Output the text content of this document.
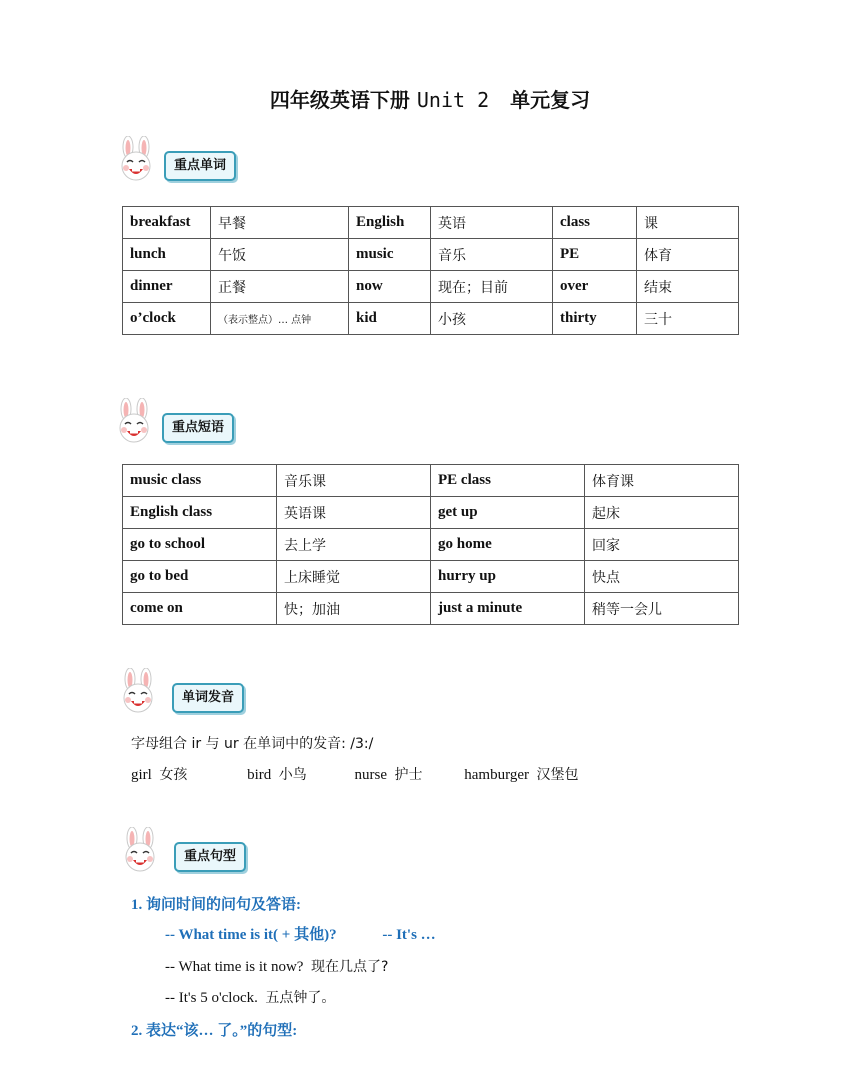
四年级英语下册 Unit 2 单元复习
重点单词
breakfast	早餐	English	英语	class	课
lunch	午饭	music	音乐	PE	体育
dinner	正餐	now	现在；目前	over	结束
o’clock	（表示整点）… 点钟	kid	小孩	thirty	三十
重点短语
music class	音乐课	PE class	体育课
English class	英语课	get up	起床
go to school	去上学	go home	回家
go to bed	上床睡觉	hurry up	快点
come on	快；加油	just a minute	稍等一会儿
单词发音
字母组合 ir 与 ur 在单词中的发音: /3:/
girl 女孩	bird 小鸟	nurse 护士	hamburger 汉堡包
重点句型
1. 询问时间的问句及答语:
-- What time is it( + 其他)?	-- It's …
-- What time is it now? 现在几点了?
-- It's 5 o'clock. 五点钟了。
2. 表达“该… 了。”的句型:
